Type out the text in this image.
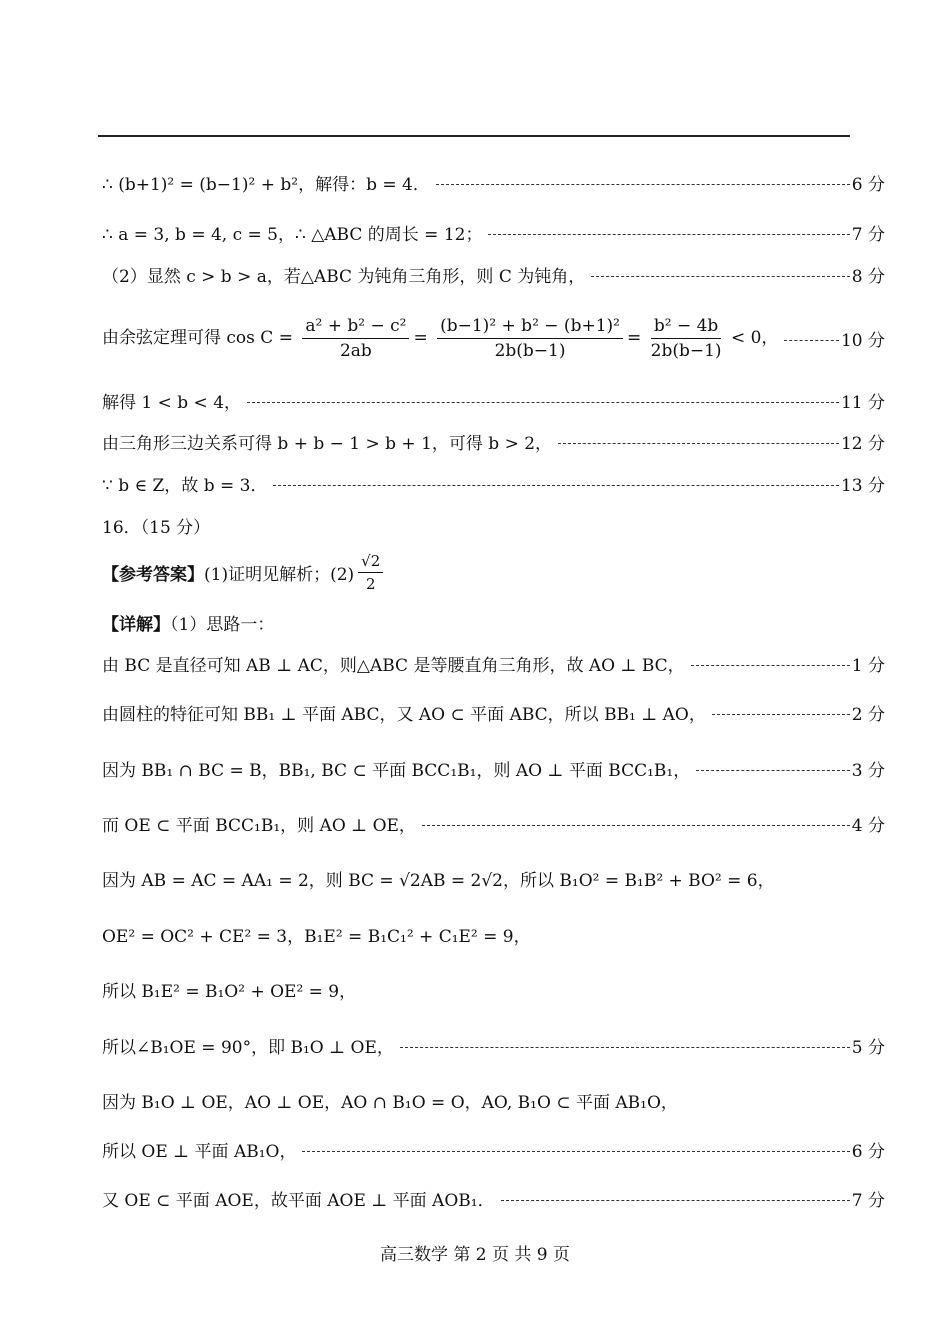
∴ (b+1)² = (b−1)² + b²，解得：b = 4．	6 分
∴ a = 3, b = 4, c = 5，∴ △ABC 的周长 = 12；	7 分
（2）显然 c > b > a，若△ABC 为钝角三角形，则 C 为钝角，	8 分
由余弦定理可得 $\cos C = \frac{\text{a² + b² − c²}}{2ab} = \frac{\text{(b−1)² + b² − (b+1)²}}{2b(b-1)} = \frac{\text{b² − 4b}}{2b(b-1)} < 0$，	10 分
解得 1 < b < 4，	11 分
由三角形三边关系可得 b + b − 1 > b + 1，可得 b > 2，	12 分
∵ b ∈ Z，故 b = 3．	13 分
16．（15 分）
【参考答案】 (1)证明见解析；$(2) \frac{√2}{2}$
【详解】（1）思路一：
由 BC 是直径可知 AB ⊥ AC，则△ABC 是等腰直角三角形，故 AO ⊥ BC，	1 分
由圆柱的特征可知 BB₁ ⊥ 平面 ABC，又 AO ⊂ 平面 ABC，所以 BB₁ ⊥ AO，	2 分
因为 BB₁ ∩ BC = B，BB₁, BC ⊂ 平面 BCC₁B₁，则 AO ⊥ 平面 BCC₁B₁，	3 分
而 OE ⊂ 平面 BCC₁B₁，则 AO ⊥ OE，	4 分
因为 AB = AC = AA₁ = 2，则 BC = √2AB = 2√2，所以 B₁O² = B₁B² + BO² = 6，
OE² = OC² + CE² = 3，B₁E² = B₁C₁² + C₁E² = 9，
所以 B₁E² = B₁O² + OE² = 9，
所以∠B₁OE = 90°，即 B₁O ⊥ OE，	5 分
因为 B₁O ⊥ OE，AO ⊥ OE，AO ∩ B₁O = O，AO, B₁O ⊂ 平面 AB₁O，
所以 OE ⊥ 平面 AB₁O，	6 分
又 OE ⊂ 平面 AOE，故平面 AOE ⊥ 平面 AOB₁．	7 分
高三数学 第 2 页 共 9 页
